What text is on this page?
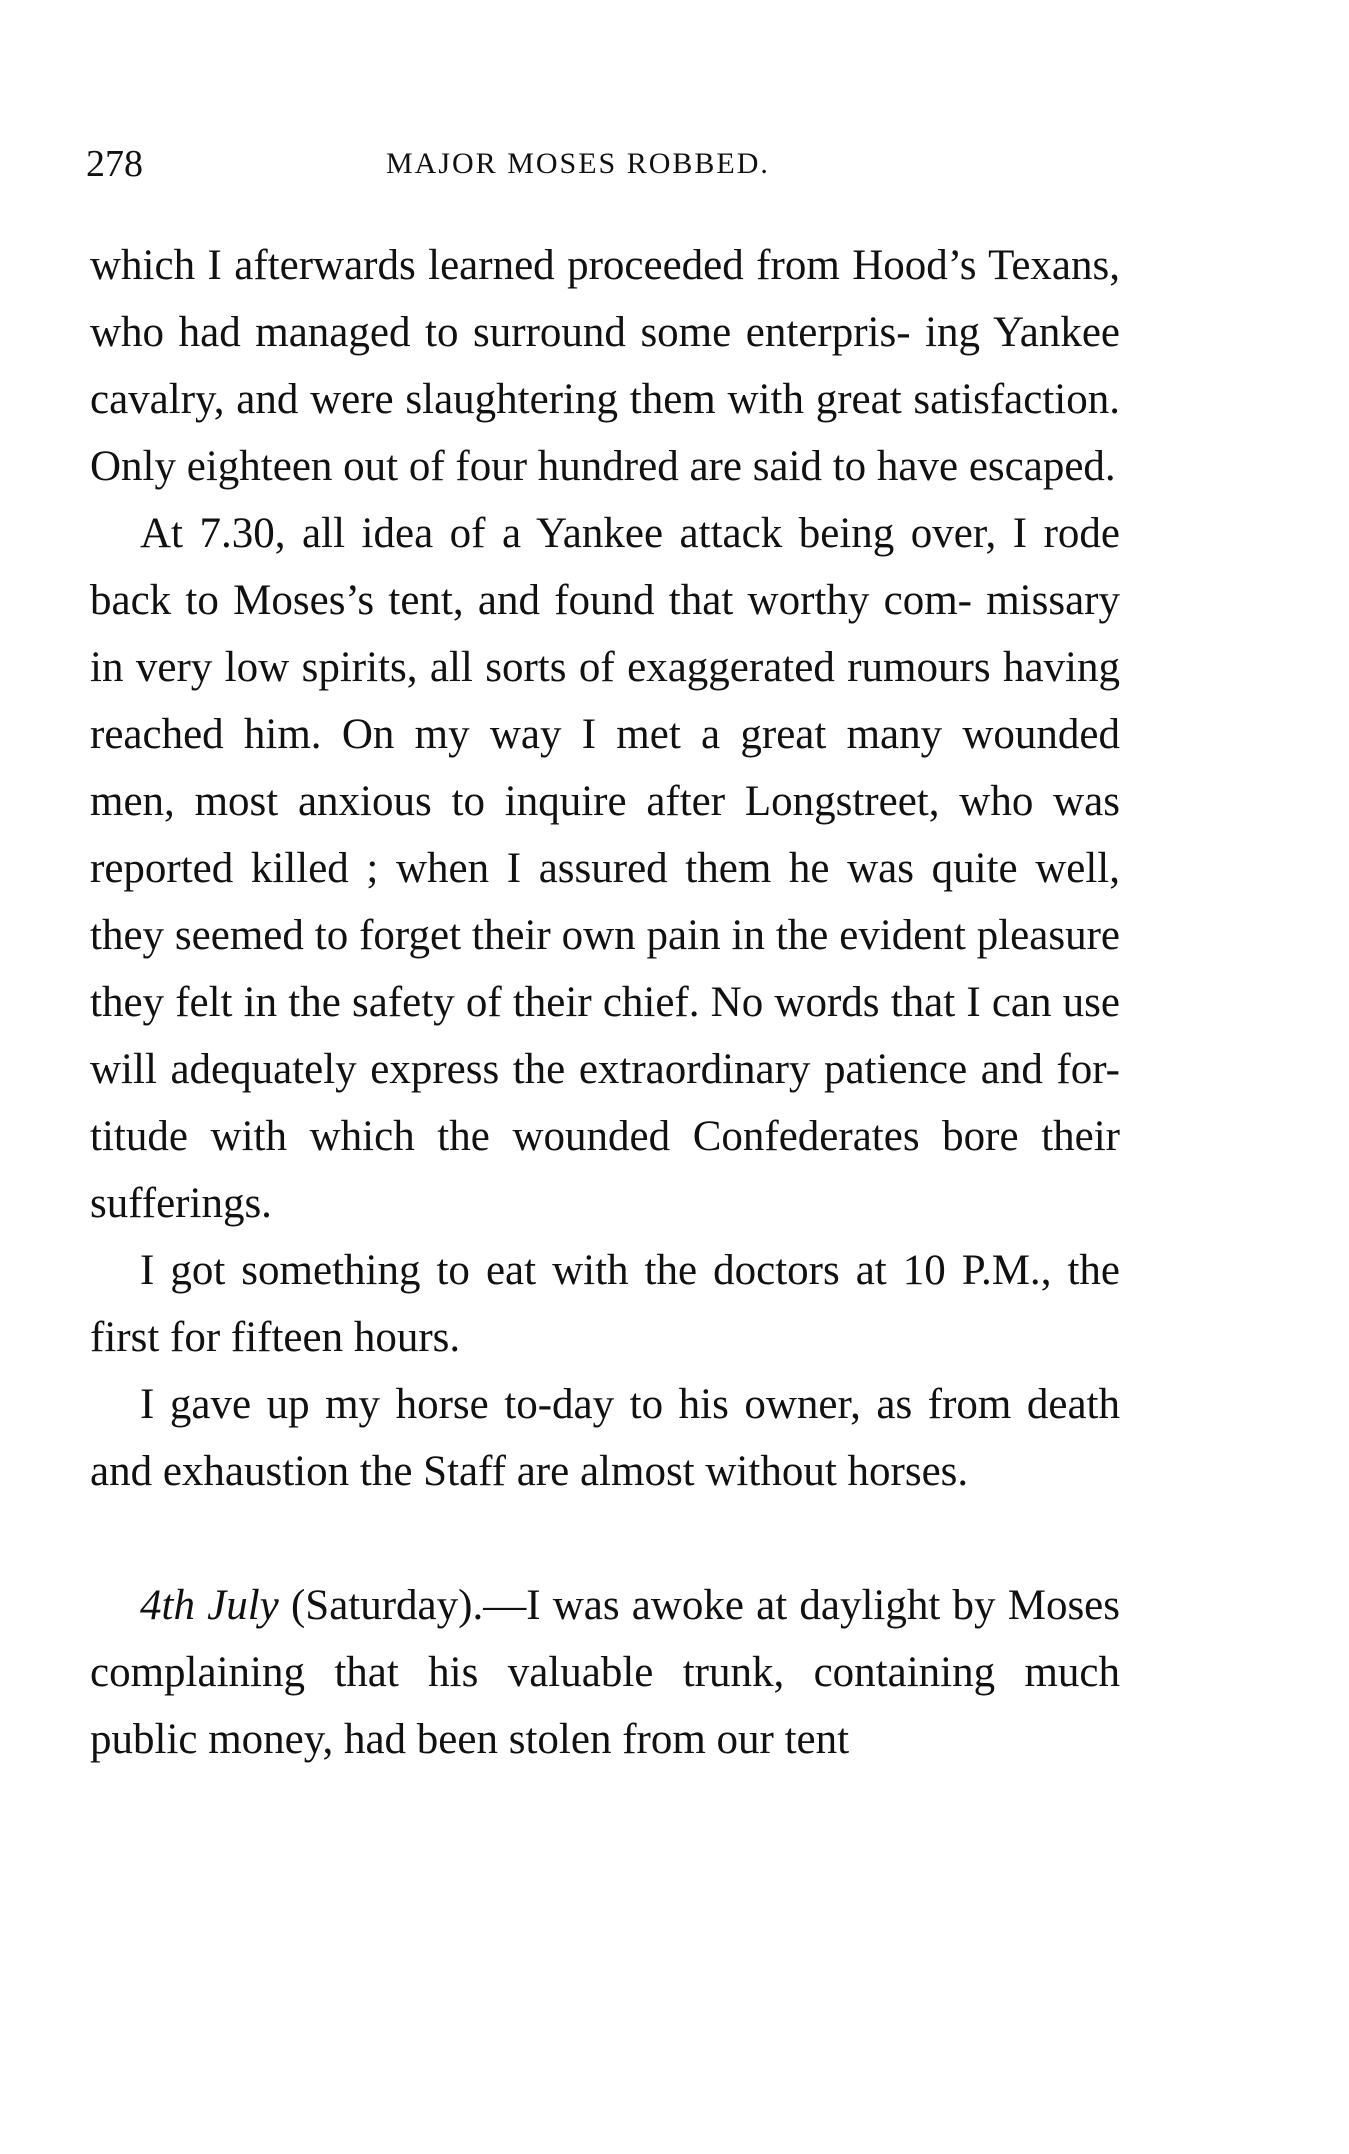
278	MAJOR MOSES ROBBED.

which I afterwards learned proceeded from Hood’s Texans, who had managed to surround some enterpris- ing Yankee cavalry, and were slaughtering them with great satisfaction. Only eighteen out of four hundred are said to have escaped.

At 7.30, all idea of a Yankee attack being over, I rode back to Moses’s tent, and found that worthy com- missary in very low spirits, all sorts of exaggerated rumours having reached him. On my way I met a great many wounded men, most anxious to inquire after Longstreet, who was reported killed ; when I assured them he was quite well, they seemed to forget their own pain in the evident pleasure they felt in the safety of their chief. No words that I can use will adequately express the extraordinary patience and for- titude with which the wounded Confederates bore their sufferings.

I got something to eat with the doctors at 10 P.M., the first for fifteen hours.

I gave up my horse to-day to his owner, as from death and exhaustion the Staff are almost without horses.

4th July (Saturday).—I was awoke at daylight by Moses complaining that his valuable trunk, containing much public money, had been stolen from our tent
